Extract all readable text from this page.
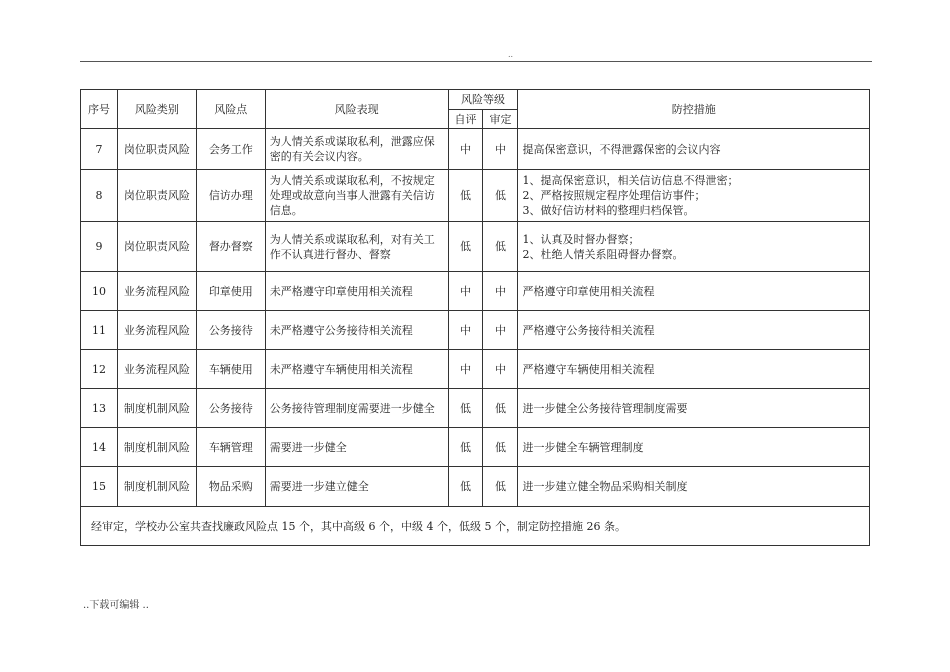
..
序号	风险类别	风险点	风险表现	风险等级		防控措施
				自评	审定	
7	岗位职责风险	会务工作	为人情关系或谋取私利，泄露应保密的有关会议内容。	中	中	提高保密意识，不得泄露保密的会议内容
8	岗位职责风险	信访办理	为人情关系或谋取私利，不按规定处理或故意向当事人泄露有关信访信息。	低	低	1、提高保密意识，相关信访信息不得泄密；
2、严格按照规定程序处理信访事件；
3、做好信访材料的整理归档保管。

9	岗位职责风险	督办督察	为人情关系或谋取私利，对有关工作不认真进行督办、督察	低	低	1、认真及时督办督察；
2、杜绝人情关系阻碍督办督察。

10	业务流程风险	印章使用	未严格遵守印章使用相关流程	中	中	严格遵守印章使用相关流程
11	业务流程风险	公务接待	未严格遵守公务接待相关流程	中	中	严格遵守公务接待相关流程
12	业务流程风险	车辆使用	未严格遵守车辆使用相关流程	中	中	严格遵守车辆使用相关流程
13	制度机制风险	公务接待	公务接待管理制度需要进一步健全	低	低	进一步健全公务接待管理制度需要
14	制度机制风险	车辆管理	需要进一步健全	低	低	进一步健全车辆管理制度
15	制度机制风险	物品采购	需要进一步建立健全	低	低	进一步建立健全物品采购相关制度
经审定，学校办公室共查找廉政风险点 15 个，其中高级 6 个，中级 4 个，低级 5 个，制定防控措施 26 条。						
..下载可编辑 ..
